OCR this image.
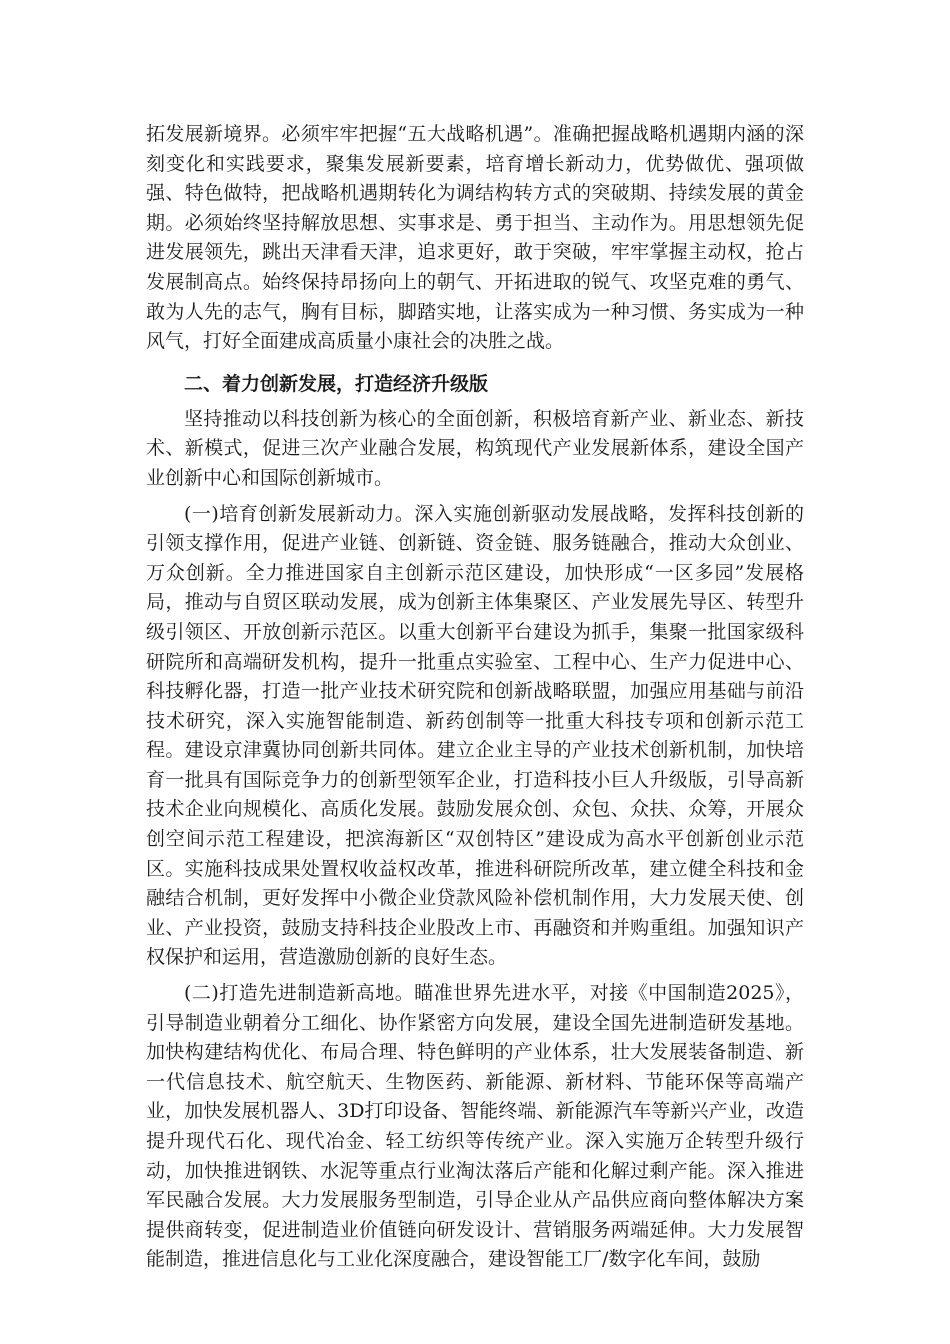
拓发展新境界。必须牢牢把握“五大战略机遇”。准确把握战略机遇期内涵的深刻变化和实践要求，聚集发展新要素，培育增长新动力，优势做优、强项做强、特色做特，把战略机遇期转化为调结构转方式的突破期、持续发展的黄金期。必须始终坚持解放思想、实事求是、勇于担当、主动作为。用思想领先促进发展领先，跳出天津看天津，追求更好，敢于突破，牢牢掌握主动权，抢占发展制高点。始终保持昂扬向上的朝气、开拓进取的锐气、攻坚克难的勇气、敢为人先的志气，胸有目标，脚踏实地，让落实成为一种习惯、务实成为一种风气，打好全面建成高质量小康社会的决胜之战。

二、着力创新发展，打造经济升级版

坚持推动以科技创新为核心的全面创新，积极培育新产业、新业态、新技术、新模式，促进三次产业融合发展，构筑现代产业发展新体系，建设全国产业创新中心和国际创新城市。

(一)培育创新发展新动力。深入实施创新驱动发展战略，发挥科技创新的引领支撑作用，促进产业链、创新链、资金链、服务链融合，推动大众创业、万众创新。全力推进国家自主创新示范区建设，加快形成“一区多园”发展格局，推动与自贸区联动发展，成为创新主体集聚区、产业发展先导区、转型升级引领区、开放创新示范区。以重大创新平台建设为抓手，集聚一批国家级科研院所和高端研发机构，提升一批重点实验室、工程中心、生产力促进中心、科技孵化器，打造一批产业技术研究院和创新战略联盟，加强应用基础与前沿技术研究，深入实施智能制造、新药创制等一批重大科技专项和创新示范工程。建设京津冀协同创新共同体。建立企业主导的产业技术创新机制，加快培育一批具有国际竞争力的创新型领军企业，打造科技小巨人升级版，引导高新技术企业向规模化、高质化发展。鼓励发展众创、众包、众扶、众筹，开展众创空间示范工程建设，把滨海新区“双创特区”建设成为高水平创新创业示范区。实施科技成果处置权收益权改革，推进科研院所改革，建立健全科技和金融结合机制，更好发挥中小微企业贷款风险补偿机制作用，大力发展天使、创业、产业投资，鼓励支持科技企业股改上市、再融资和并购重组。加强知识产权保护和运用，营造激励创新的良好生态。

(二)打造先进制造新高地。瞄准世界先进水平，对接《中国制造2025》，引导制造业朝着分工细化、协作紧密方向发展，建设全国先进制造研发基地。加快构建结构优化、布局合理、特色鲜明的产业体系，壮大发展装备制造、新一代信息技术、航空航天、生物医药、新能源、新材料、节能环保等高端产业，加快发展机器人、3D打印设备、智能终端、新能源汽车等新兴产业，改造提升现代石化、现代冶金、轻工纺织等传统产业。深入实施万企转型升级行动，加快推进钢铁、水泥等重点行业淘汰落后产能和化解过剩产能。深入推进军民融合发展。大力发展服务型制造，引导企业从产品供应商向整体解决方案提供商转变，促进制造业价值链向研发设计、营销服务两端延伸。大力发展智能制造，推进信息化与工业化深度融合，建设智能工厂/数字化车间，鼓励
